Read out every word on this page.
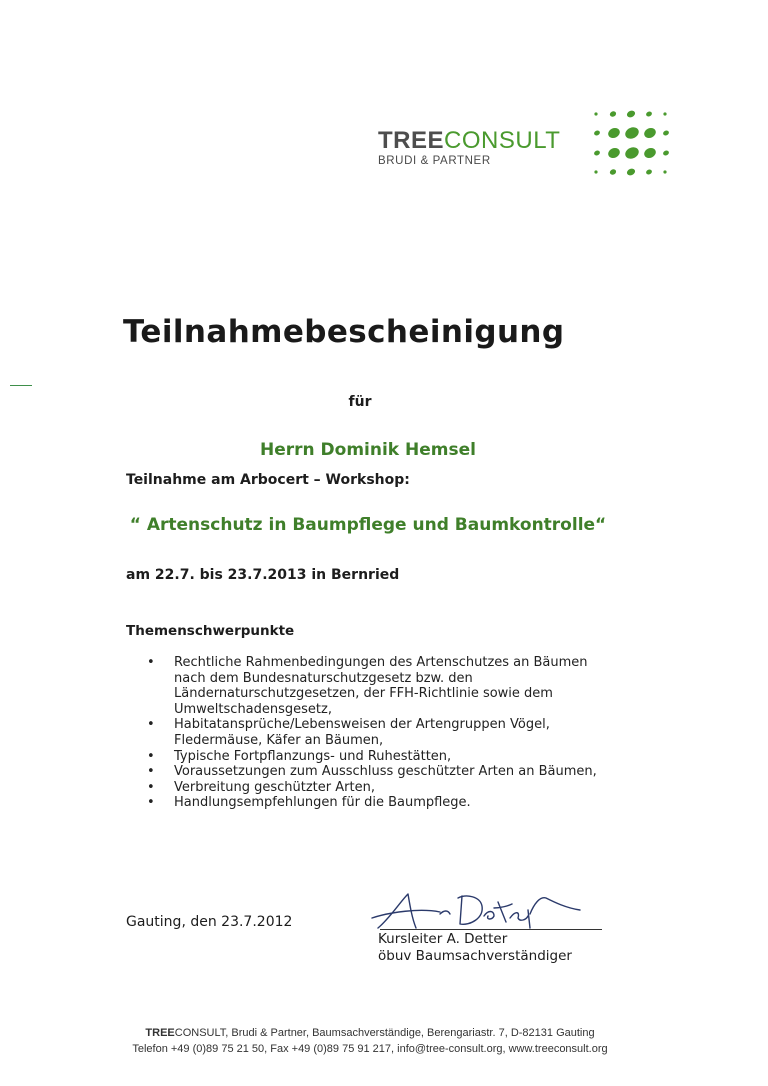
TREECONSULT
BRUDI & PARTNER
Teilnahmebescheinigung
für
Herrn Dominik Hemsel
Teilnahme am Arbocert – Workshop:
“ Artenschutz in Baumpflege und Baumkontrolle“
am 22.7. bis 23.7.2013 in Bernried
Themenschwerpunkte
• Rechtliche Rahmenbedingungen des Artenschutzes an Bäumen nach dem Bundesnaturschutzgesetz bzw. den Ländernaturschutzgesetzen, der FFH-Richtlinie sowie dem Umweltschadensgesetz,
• Habitatansprüche/Lebensweisen der Artengruppen Vögel, Fledermäuse, Käfer an Bäumen,
• Typische Fortpflanzungs- und Ruhestätten,
• Voraussetzungen zum Ausschluss geschützter Arten an Bäumen,
• Verbreitung geschützter Arten,
• Handlungsempfehlungen für die Baumpflege.
Gauting, den 23.7.2012
Kursleiter A. Detter
öbuv Baumsachverständiger
TREECONSULT, Brudi & Partner, Baumsachverständige, Berengariastr. 7, D-82131 Gauting
Telefon +49 (0)89 75 21 50, Fax +49 (0)89 75 91 217, info@tree-consult.org, www.treeconsult.org
